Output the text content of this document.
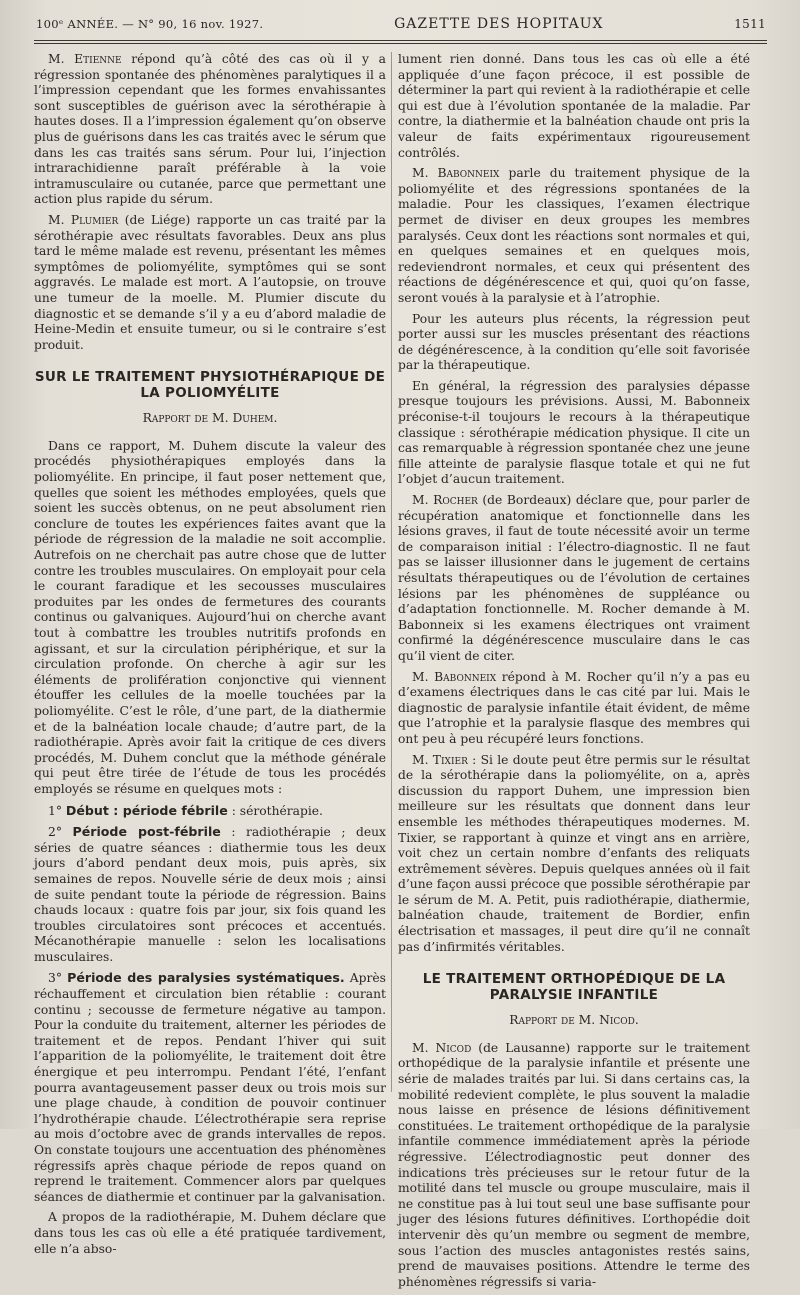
100ᵉ ANNÉE. — N° 90, 16 nov. 1927.	GAZETTE DES HOPITAUX	1511

M. Etienne répond qu’à côté des cas où il y a régression spontanée des phénomènes paralytiques il a l’impression cependant que les formes envahissantes sont susceptibles de guérison avec la sérothérapie à hautes doses. Il a l’impression également qu’on observe plus de guérisons dans les cas traités avec le sérum que dans les cas traités sans sérum. Pour lui, l’injection intrarachidienne paraît préférable à la voie intramusculaire ou cutanée, parce que permettant une action plus rapide du sérum.

M. Plumier (de Liége) rapporte un cas traité par la sérothérapie avec résultats favorables. Deux ans plus tard le même malade est revenu, présentant les mêmes symptômes de poliomyélite, symptômes qui se sont aggravés. Le malade est mort. A l’autopsie, on trouve une tumeur de la moelle. M. Plumier discute du diagnostic et se demande s’il y a eu d’abord maladie de Heine-Medin et ensuite tumeur, ou si le contraire s’est produit.

SUR LE TRAITEMENT PHYSIOTHÉRAPIQUE DE LA POLIOMYÉLITE
Rapport de M. Duhem.

Dans ce rapport, M. Duhem discute la valeur des procédés physiothérapiques employés dans la poliomyélite. En principe, il faut poser nettement que, quelles que soient les méthodes employées, quels que soient les succès obtenus, on ne peut absolument rien conclure de toutes les expériences faites avant que la période de régression de la maladie ne soit accomplie. Autrefois on ne cherchait pas autre chose que de lutter contre les troubles musculaires. On employait pour cela le courant faradique et les secousses musculaires produites par les ondes de fermetures des courants continus ou galvaniques. Aujourd’hui on cherche avant tout à combattre les troubles nutritifs profonds en agissant, et sur la circulation périphérique, et sur la circulation profonde. On cherche à agir sur les éléments de prolifération conjonctive qui viennent étouffer les cellules de la moelle touchées par la poliomyélite. C’est le rôle, d’une part, de la diathermie et de la balnéation locale chaude; d’autre part, de la radiothérapie. Après avoir fait la critique de ces divers procédés, M. Duhem conclut que la méthode générale qui peut être tirée de l’étude de tous les procédés employés se résume en quelques mots :

1° Début : période fébrile : sérothérapie.

2° Période post-fébrile : radiothérapie ; deux séries de quatre séances : diathermie tous les deux jours d’abord pendant deux mois, puis après, six semaines de repos. Nouvelle série de deux mois ; ainsi de suite pendant toute la période de régression. Bains chauds locaux : quatre fois par jour, six fois quand les troubles circulatoires sont précoces et accentués. Mécanothérapie manuelle : selon les localisations musculaires.

3° Période des paralysies systématiques. Après réchauffement et circulation bien rétablie : courant continu ; secousse de fermeture négative au tampon. Pour la conduite du traitement, alterner les périodes de traitement et de repos. Pendant l’hiver qui suit l’apparition de la poliomyélite, le traitement doit être énergique et peu interrompu. Pendant l’été, l’enfant pourra avantageusement passer deux ou trois mois sur une plage chaude, à condition de pouvoir continuer l’hydrothérapie chaude. L’électrothérapie sera reprise au mois d’octobre avec de grands intervalles de repos. On constate toujours une accentuation des phénomènes régressifs après chaque période de repos quand on reprend le traitement. Commencer alors par quelques séances de diathermie et continuer par la galvanisation.

A propos de la radiothérapie, M. Duhem déclare que dans tous les cas où elle a été pratiquée tardivement, elle n’a abso-

lument rien donné. Dans tous les cas où elle a été appliquée d’une façon précoce, il est possible de déterminer la part qui revient à la radiothérapie et celle qui est due à l’évolution spontanée de la maladie. Par contre, la diathermie et la balnéation chaude ont pris la valeur de faits expérimentaux rigoureusement contrôlés.

M. Babonneix parle du traitement physique de la poliomyélite et des régressions spontanées de la maladie. Pour les classiques, l’examen électrique permet de diviser en deux groupes les membres paralysés. Ceux dont les réactions sont normales et qui, en quelques semaines et en quelques mois, redeviendront normales, et ceux qui présentent des réactions de dégénérescence et qui, quoi qu’on fasse, seront voués à la paralysie et à l’atrophie.

Pour les auteurs plus récents, la régression peut porter aussi sur les muscles présentant des réactions de dégénérescence, à la condition qu’elle soit favorisée par la thérapeutique.

En général, la régression des paralysies dépasse presque toujours les prévisions. Aussi, M. Babonneix préconise-t-il toujours le recours à la thérapeutique classique : sérothérapie médication physique. Il cite un cas remarquable à régression spontanée chez une jeune fille atteinte de paralysie flasque totale et qui ne fut l’objet d’aucun traitement.

M. Rocher (de Bordeaux) déclare que, pour parler de récupération anatomique et fonctionnelle dans les lésions graves, il faut de toute nécessité avoir un terme de comparaison initial : l’électro-diagnostic. Il ne faut pas se laisser illusionner dans le jugement de certains résultats thérapeutiques ou de l’évolution de certaines lésions par les phénomènes de suppléance ou d’adaptation fonctionnelle. M. Rocher demande à M. Babonneix si les examens électriques ont vraiment confirmé la dégénérescence musculaire dans le cas qu’il vient de citer.

M. Babonneix répond à M. Rocher qu’il n’y a pas eu d’examens électriques dans le cas cité par lui. Mais le diagnostic de paralysie infantile était évident, de même que l’atrophie et la paralysie flasque des membres qui ont peu à peu récupéré leurs fonctions.

M. Tixier : Si le doute peut être permis sur le résultat de la sérothérapie dans la poliomyélite, on a, après discussion du rapport Duhem, une impression bien meilleure sur les résultats que donnent dans leur ensemble les méthodes thérapeutiques modernes. M. Tixier, se rapportant à quinze et vingt ans en arrière, voit chez un certain nombre d’enfants des reliquats extrêmement sévères. Depuis quelques années où il fait d’une façon aussi précoce que possible sérothérapie par le sérum de M. A. Petit, puis radiothérapie, diathermie, balnéation chaude, traitement de Bordier, enfin électrisation et massages, il peut dire qu’il ne connaît pas d’infirmités véritables.

LE TRAITEMENT ORTHOPÉDIQUE DE LA PARALYSIE INFANTILE
Rapport de M. Nicod.

M. Nicod (de Lausanne) rapporte sur le traitement orthopédique de la paralysie infantile et présente une série de malades traités par lui. Si dans certains cas, la mobilité redevient complète, le plus souvent la maladie nous laisse en présence de lésions définitivement constituées. Le traitement orthopédique de la paralysie infantile commence immédiatement après la période régressive. L’électrodiagnostic peut donner des indications très précieuses sur le retour futur de la motilité dans tel muscle ou groupe musculaire, mais il ne constitue pas à lui tout seul une base suffisante pour juger des lésions futures définitives. L’orthopédie doit intervenir dès qu’un membre ou segment de membre, sous l’action des muscles antagonistes restés sains, prend de mauvaises positions. Attendre le terme des phénomènes régressifs si varia-
